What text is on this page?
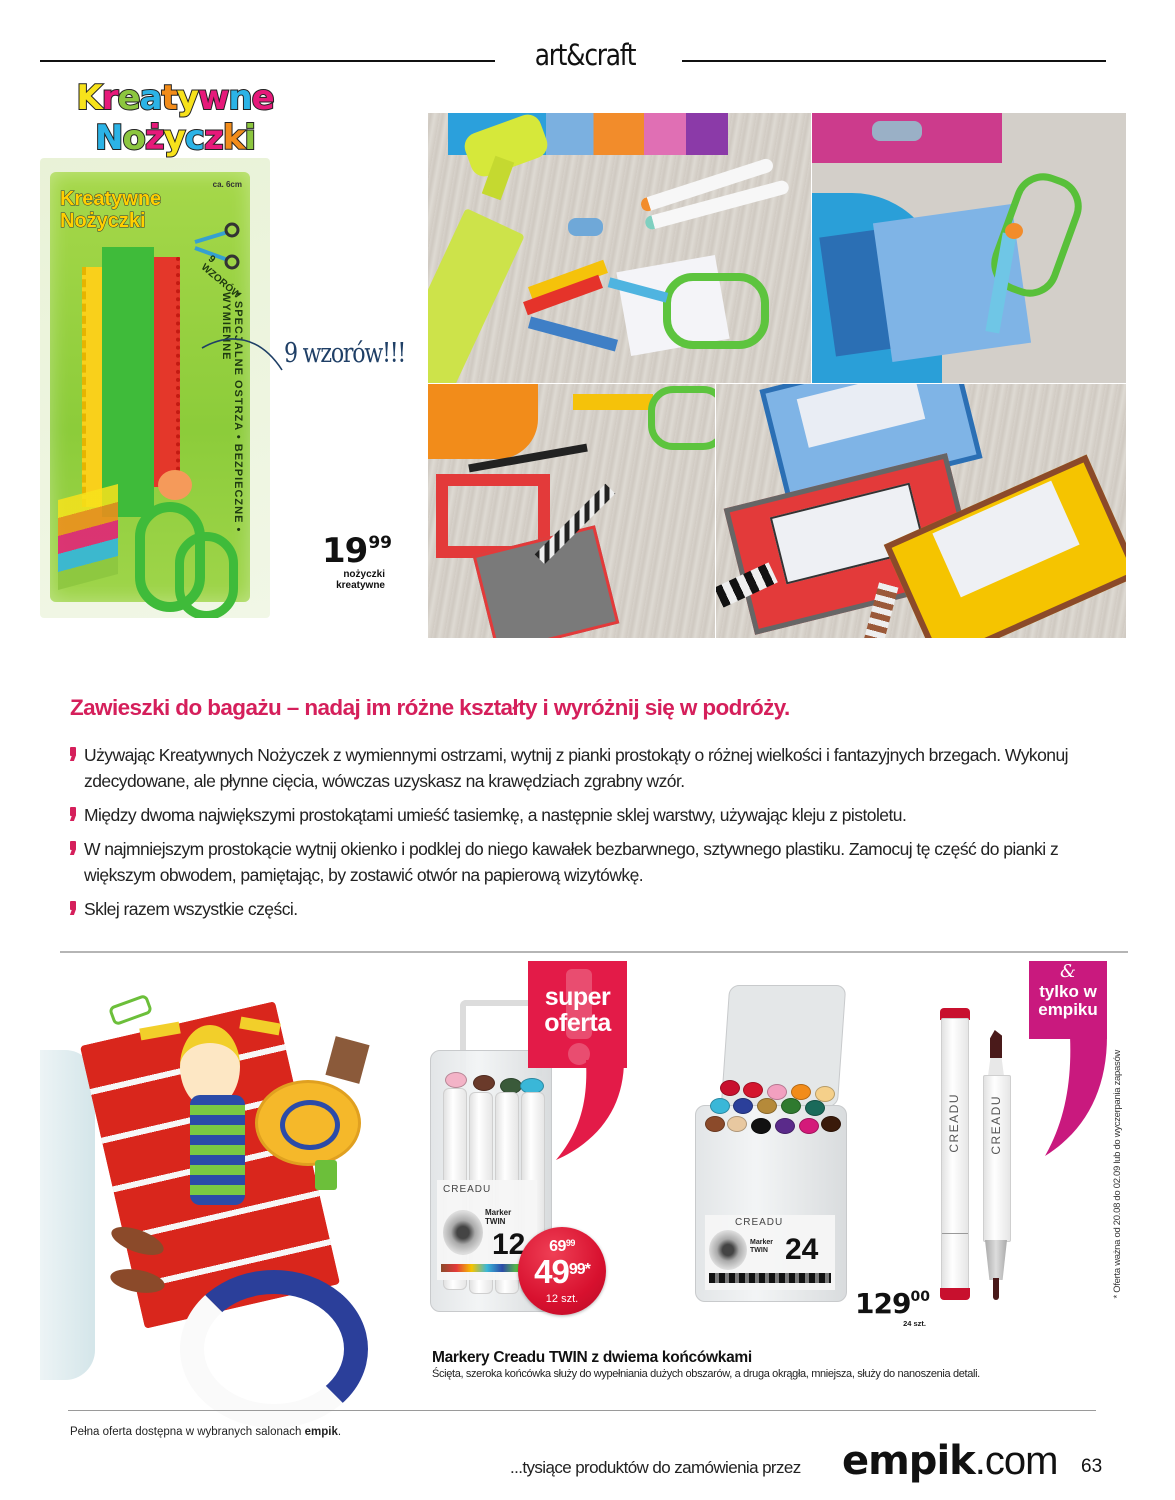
art&craft
Kreatywne
Nożyczki
Kreatywne
Nożyczki
ca. 6cm
9 WZORÓW
• SPECJALNE OSTRZA • BEZPIECZNE • WYMIENNE	9 wzorów!!!
1999
nożyczki
kreatywne
Zawieszki do bagażu – nadaj im różne kształty i wyróżnij się w podróży.
Używając Kreatywnych Nożyczek z wymiennymi ostrzami, wytnij z pianki prostokąty o różnej wielkości i fantazyjnych brzegach. Wykonuj zdecydowane, ale płynne cięcia, wówczas uzyskasz na krawędziach zgrabny wzór.
Między dwoma największymi prostokątami umieść tasiemkę, a następnie sklej warstwy, używając kleju z pistoletu.
W najmniejszym prostokącie wytnij okienko i podklej do niego kawałek bezbarwnego, sztywnego plastiku. Zamocuj tę część do pianki z większym obwodem, pamiętając, by zostawić otwór na papierową wizytówkę.
Sklej razem wszystkie części.
CREADU
Marker TWIN
12
super
oferta
$69^{99}$
$49^{99*}$
12 szt.
CREADU
Marker TWIN 24
12900
24 szt.
CREADU CREADU
&
tylko w
empiku
* Oferta ważna od 20.08 do 02.09 lub do wyczerpania zapasów
Markery Creadu TWIN z dwiema końcówkami
Ścięta, szeroka końcówka służy do wypełniania dużych obszarów, a druga okrągła, mniejsza, służy do nanoszenia detali.
Pełna oferta dostępna w wybranych salonach empik.
...tysiące produktów do zamówienia przez empik.com 63
